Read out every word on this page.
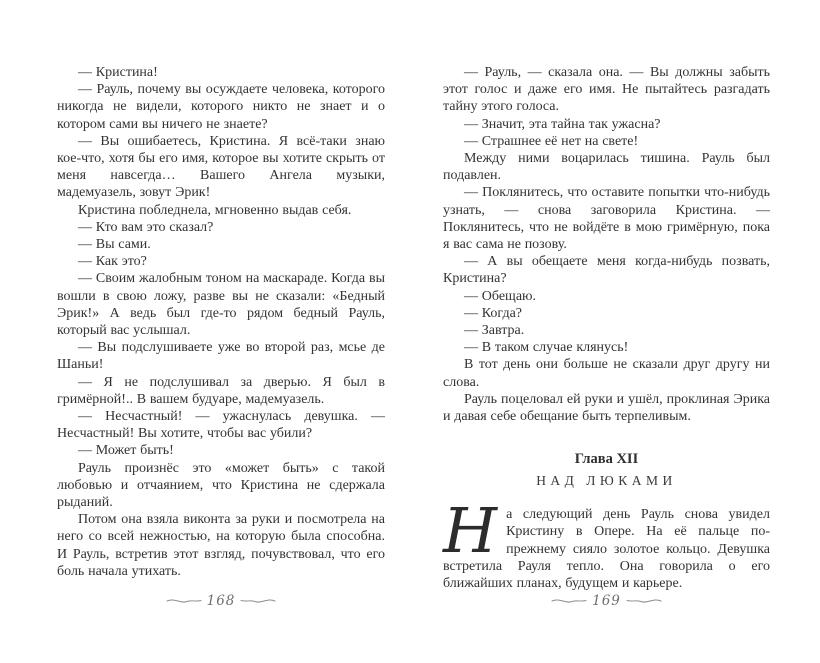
— Кристина!

— Рауль, почему вы осуждаете человека, которого никогда не видели, которого никто не знает и о котором сами вы ничего не знаете?

— Вы ошибаетесь, Кристина. Я всё-таки знаю кое-что, хотя бы его имя, которое вы хотите скрыть от меня навсегда… Вашего Ангела музыки, мадемуазель, зовут Эрик!

Кристина побледнела, мгновенно выдав себя.

— Кто вам это сказал?

— Вы сами.

— Как это?

— Своим жалобным тоном на маскараде. Когда вы вошли в свою ложу, разве вы не сказали: «Бедный Эрик!» А ведь был где-то рядом бедный Рауль, который вас услышал.

— Вы подслушиваете уже во второй раз, мсье де Шаньи!

— Я не подслушивал за дверью. Я был в гримёрной!.. В вашем будуаре, мадемуазель.

— Несчастный! — ужаснулась девушка. — Несчастный! Вы хотите, чтобы вас убили?

— Может быть!

Рауль произнёс это «может быть» с такой любовью и отчаянием, что Кристина не сдержала рыданий.

Потом она взяла виконта за руки и посмотрела на него со всей нежностью, на которую была способна. И Рауль, встретив этот взгляд, почувствовал, что его боль начала утихать.

— Рауль, — сказала она. — Вы должны забыть этот голос и даже его имя. Не пытайтесь разгадать тайну этого голоса.

— Значит, эта тайна так ужасна?

— Страшнее её нет на свете!

Между ними воцарилась тишина. Рауль был подавлен.

— Поклянитесь, что оставите попытки что-нибудь узнать, — снова заговорила Кристина. — Поклянитесь, что не войдёте в мою гримёрную, пока я вас сама не позову.

— А вы обещаете меня когда-нибудь позвать, Кристина?

— Обещаю.

— Когда?

— Завтра.

— В таком случае клянусь!

В тот день они больше не сказали друг другу ни слова.

Рауль поцеловал ей руки и ушёл, проклиная Эрика и давая себе обещание быть терпеливым.

Глава XII
НАД ЛЮКАМИ

На следующий день Рауль снова увидел Кристину в Опере. На её пальце по-прежнему сияло золотое кольцо. Девушка встретила Рауля тепло. Она говорила о его ближайших планах, будущем и карьере.

168	169
